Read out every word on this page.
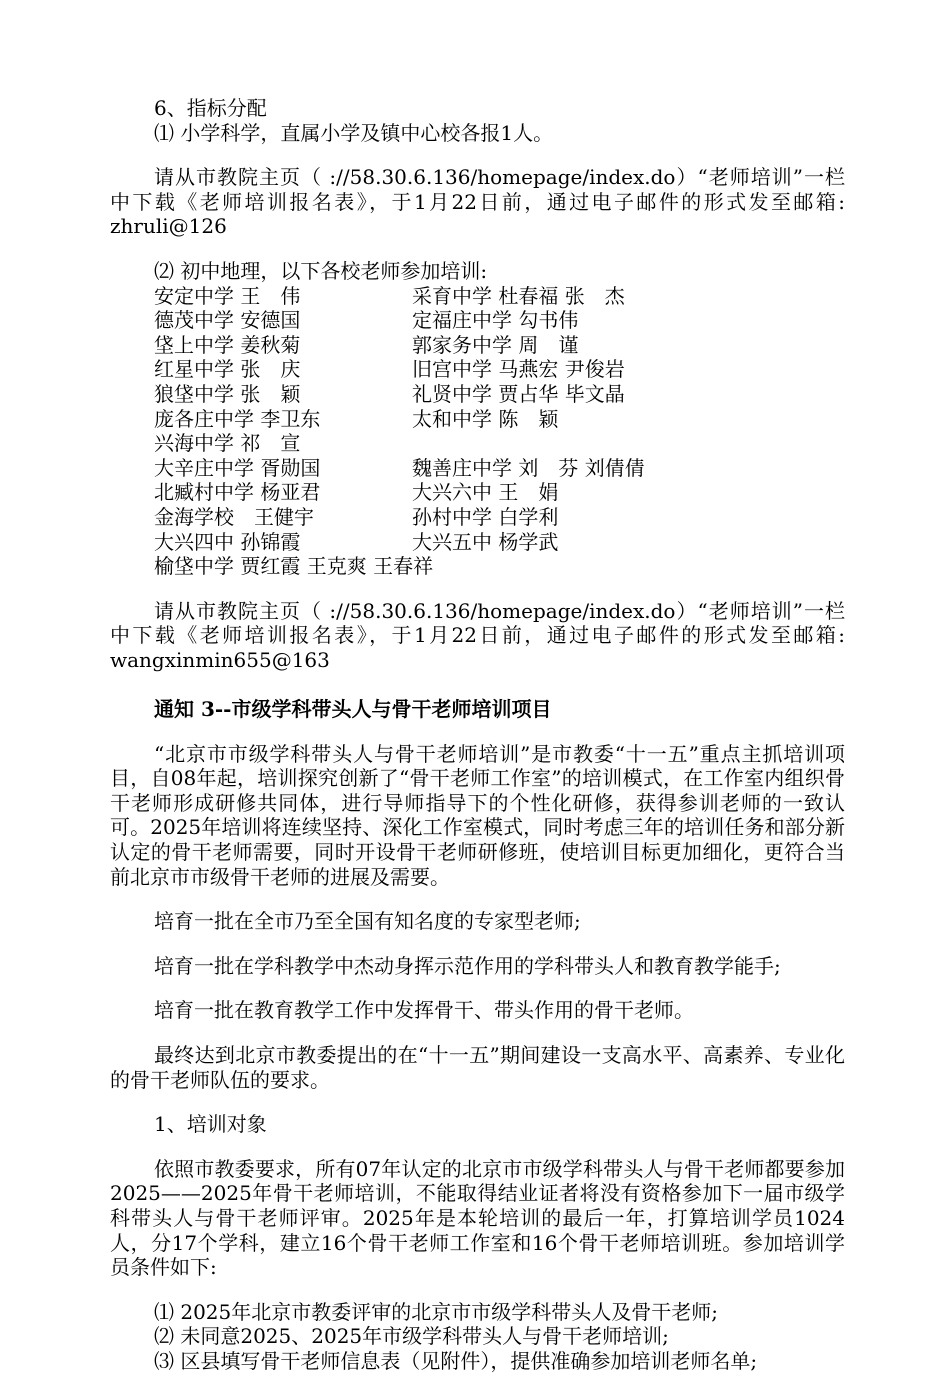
6、指标分配

⑴ 小学科学，直属小学及镇中心校各报1人。

请从市教院主页（ ://58.30.6.136/homepage/index.do）“老师培训”一栏中下载《老师培训报名表》，于1月22日前，通过电子邮件的形式发至邮箱: zhruli@126

⑵ 初中地理，以下各校老师参加培训:

安定中学 王　伟	采育中学 杜春福 张　杰
德茂中学 安德国	定福庄中学 勾书伟
垡上中学 姜秋菊	郭家务中学 周　谨
红星中学 张　庆	旧宫中学 马燕宏 尹俊岩
狼垡中学 张　颖	礼贤中学 贾占华 毕文晶
庞各庄中学 李卫东	太和中学 陈　颖
兴海中学 祁　宣
大辛庄中学 胥勋国	魏善庄中学 刘　芬 刘倩倩
北臧村中学 杨亚君	大兴六中 王　娟
金海学校　王健宇	孙村中学 白学利
大兴四中 孙锦霞	大兴五中 杨学武
榆垡中学 贾红霞 王克爽 王春祥

请从市教院主页（ ://58.30.6.136/homepage/index.do）“老师培训”一栏中下载《老师培训报名表》，于1月22日前，通过电子邮件的形式发至邮箱: wangxinmin655@163

通知 3--市级学科带头人与骨干老师培训项目

“北京市市级学科带头人与骨干老师培训”是市教委“十一五”重点主抓培训项目，自08年起，培训探究创新了“骨干老师工作室”的培训模式，在工作室内组织骨干老师形成研修共同体，进行导师指导下的个性化研修，获得参训老师的一致认可。2025年培训将连续坚持、深化工作室模式，同时考虑三年的培训任务和部分新认定的骨干老师需要，同时开设骨干老师研修班，使培训目标更加细化，更符合当前北京市市级骨干老师的进展及需要。

培育一批在全市乃至全国有知名度的专家型老师;

培育一批在学科教学中杰动身挥示范作用的学科带头人和教育教学能手;

培育一批在教育教学工作中发挥骨干、带头作用的骨干老师。

最终达到北京市教委提出的在“十一五”期间建设一支高水平、高素养、专业化的骨干老师队伍的要求。

1、培训对象

依照市教委要求，所有07年认定的北京市市级学科带头人与骨干老师都要参加2025——2025年骨干老师培训，不能取得结业证者将没有资格参加下一届市级学科带头人与骨干老师评审。2025年是本轮培训的最后一年，打算培训学员1024人，分17个学科，建立16个骨干老师工作室和16个骨干老师培训班。参加培训学员条件如下:

⑴ 2025年北京市教委评审的北京市市级学科带头人及骨干老师;

⑵ 未同意2025、2025年市级学科带头人与骨干老师培训;

⑶ 区县填写骨干老师信息表（见附件），提供准确参加培训老师名单;
